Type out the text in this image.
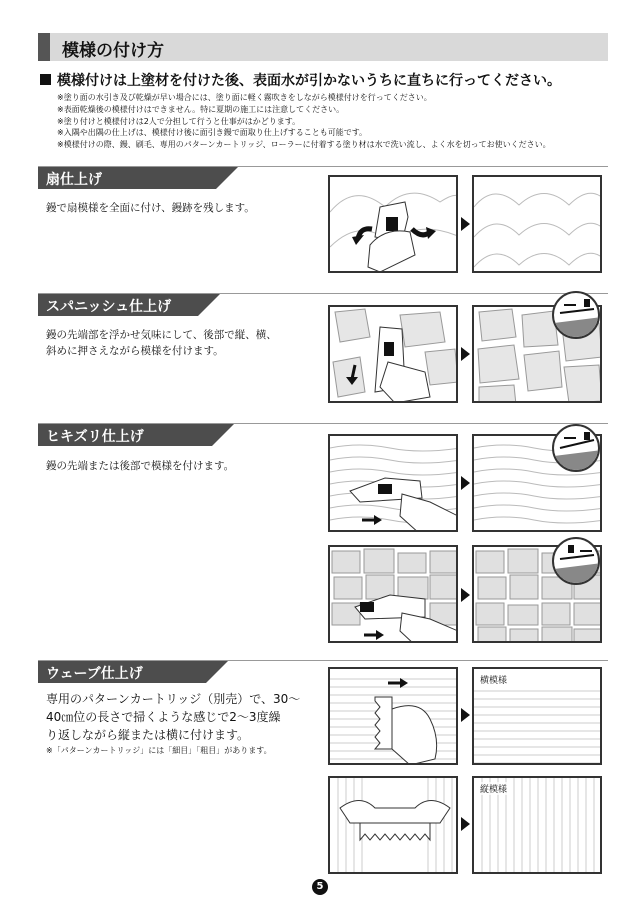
模様の付け方
模様付けは上塗材を付けた後、表面水が引かないうちに直ちに行ってください。
※塗り面の水引き及び乾燥が早い場合には、塗り面に軽く霧吹きをしながら模様付けを行ってください。
※表面乾燥後の模様付けはできません。特に夏期の施工には注意してください。
※塗り付けと模様付けは2人で分担して行うと仕事がはかどります。
※入隅や出隅の仕上げは、模様付け後に面引き鏝で面取り仕上げすることも可能です。
※模様付けの際、鏝、刷毛、専用のパターンカートリッジ、ローラーに付着する塗り材は水で洗い流し、よく水を切ってお使いください。
扇仕上げ
鏝で扇模様を全面に付け、鏝跡を残します。
スパニッシュ仕上げ
鏝の先端部を浮かせ気味にして、後部で縦、横、
斜めに押さえながら模様を付けます。
ヒキズリ仕上げ
鏝の先端または後部で模様を付けます。
ウェーブ仕上げ
専用のパターンカートリッジ（別売）で、30〜
40㎝位の長さで掃くような感じで2〜3度繰
り返しながら縦または横に付けます。
※「パターンカートリッジ」には「細目」「粗目」があります。
横模様
縦模様
5
